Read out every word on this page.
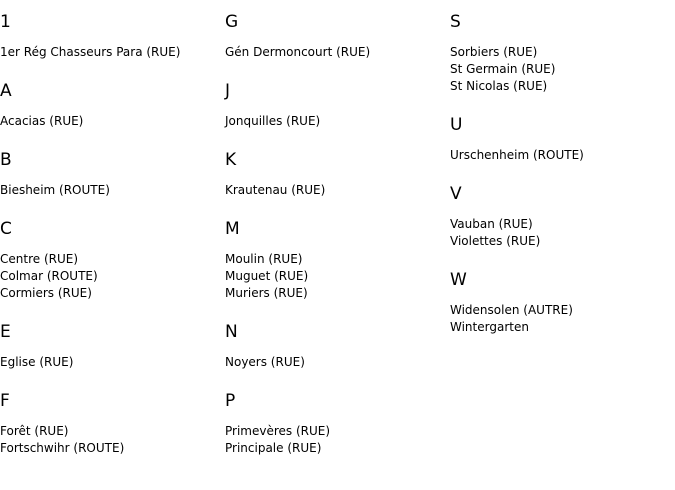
1
1er Rég Chasseurs Para (RUE)
A
Acacias (RUE)
B
Biesheim (ROUTE)
C
Centre (RUE)
Colmar (ROUTE)
Cormiers (RUE)
E
Eglise (RUE)
F
Forêt (RUE)
Fortschwihr (ROUTE)
G
Gén Dermoncourt (RUE)
J
Jonquilles (RUE)
K
Krautenau (RUE)
M
Moulin (RUE)
Muguet (RUE)
Muriers (RUE)
N
Noyers (RUE)
P
Primevères (RUE)
Principale (RUE)
S
Sorbiers (RUE)
St Germain (RUE)
St Nicolas (RUE)
U
Urschenheim (ROUTE)
V
Vauban (RUE)
Violettes (RUE)
W
Widensolen (AUTRE)
Wintergarten
